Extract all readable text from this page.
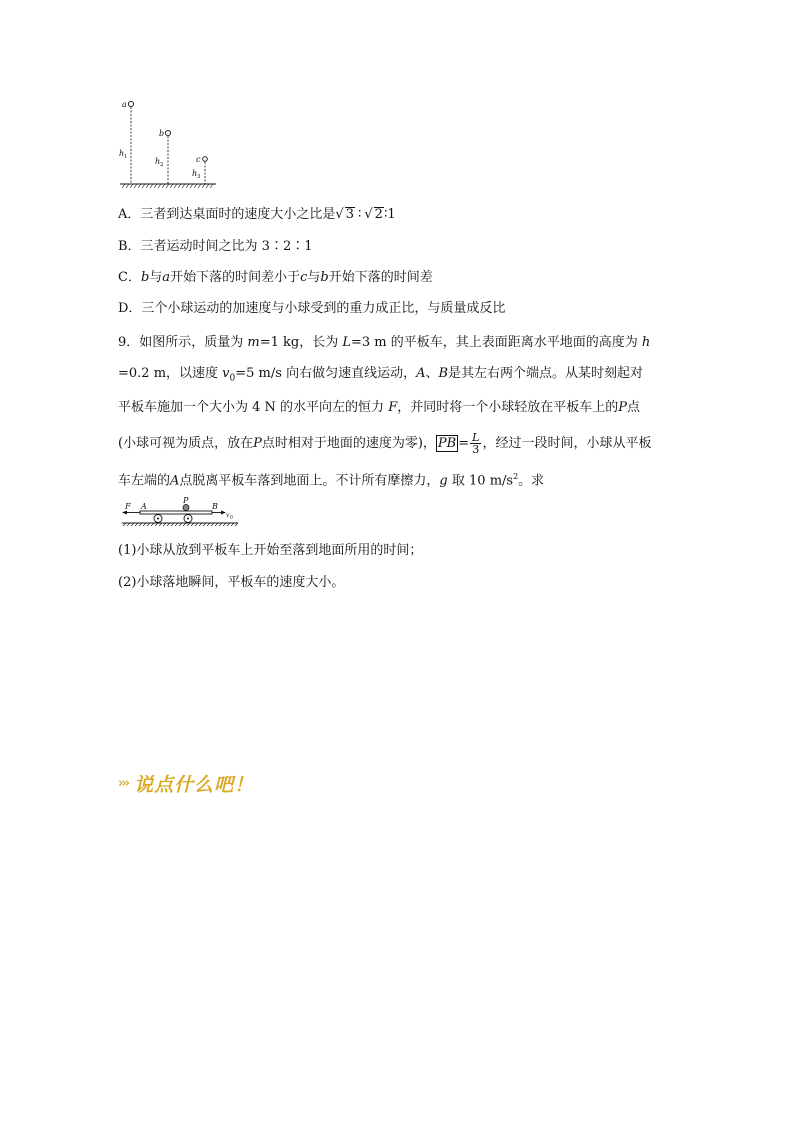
a
b
c
h
h
h
1
2
3
A．三者到达桌面时的速度大小之比是√ 3 ∶ √ 2∶1
B．三者运动时间之比为 3∶2∶1
C．b与a开始下落的时间差小于c与b开始下落的时间差
D．三个小球运动的加速度与小球受到的重力成正比，与质量成反比
9．如图所示，质量为 m=1 kg，长为 L=3 m 的平板车，其上表面距离水平地面的高度为 h
=0.2 m，以速度 $v_0=5$ m/s 向右做匀速直线运动，A、B是其左右两个端点。从某时刻起对
平板车施加一个大小为 4 N 的水平向左的恒力 F，并同时将一个小球轻放在平板车上的P点
(小球可视为质点，放在P点时相对于地面的速度为零)， PB = $\frac{L}{3}$ ，经过一段时间，小球从平板
车左端的A点脱离平板车落到地面上。不计所有摩擦力，g 取 10 $m/s^2$。求
F A
P
B
v 0
(1)小球从放到平板车上开始至落到地面所用的时间；
(2)小球落地瞬间，平板车的速度大小。
››› 说点什么吧！
